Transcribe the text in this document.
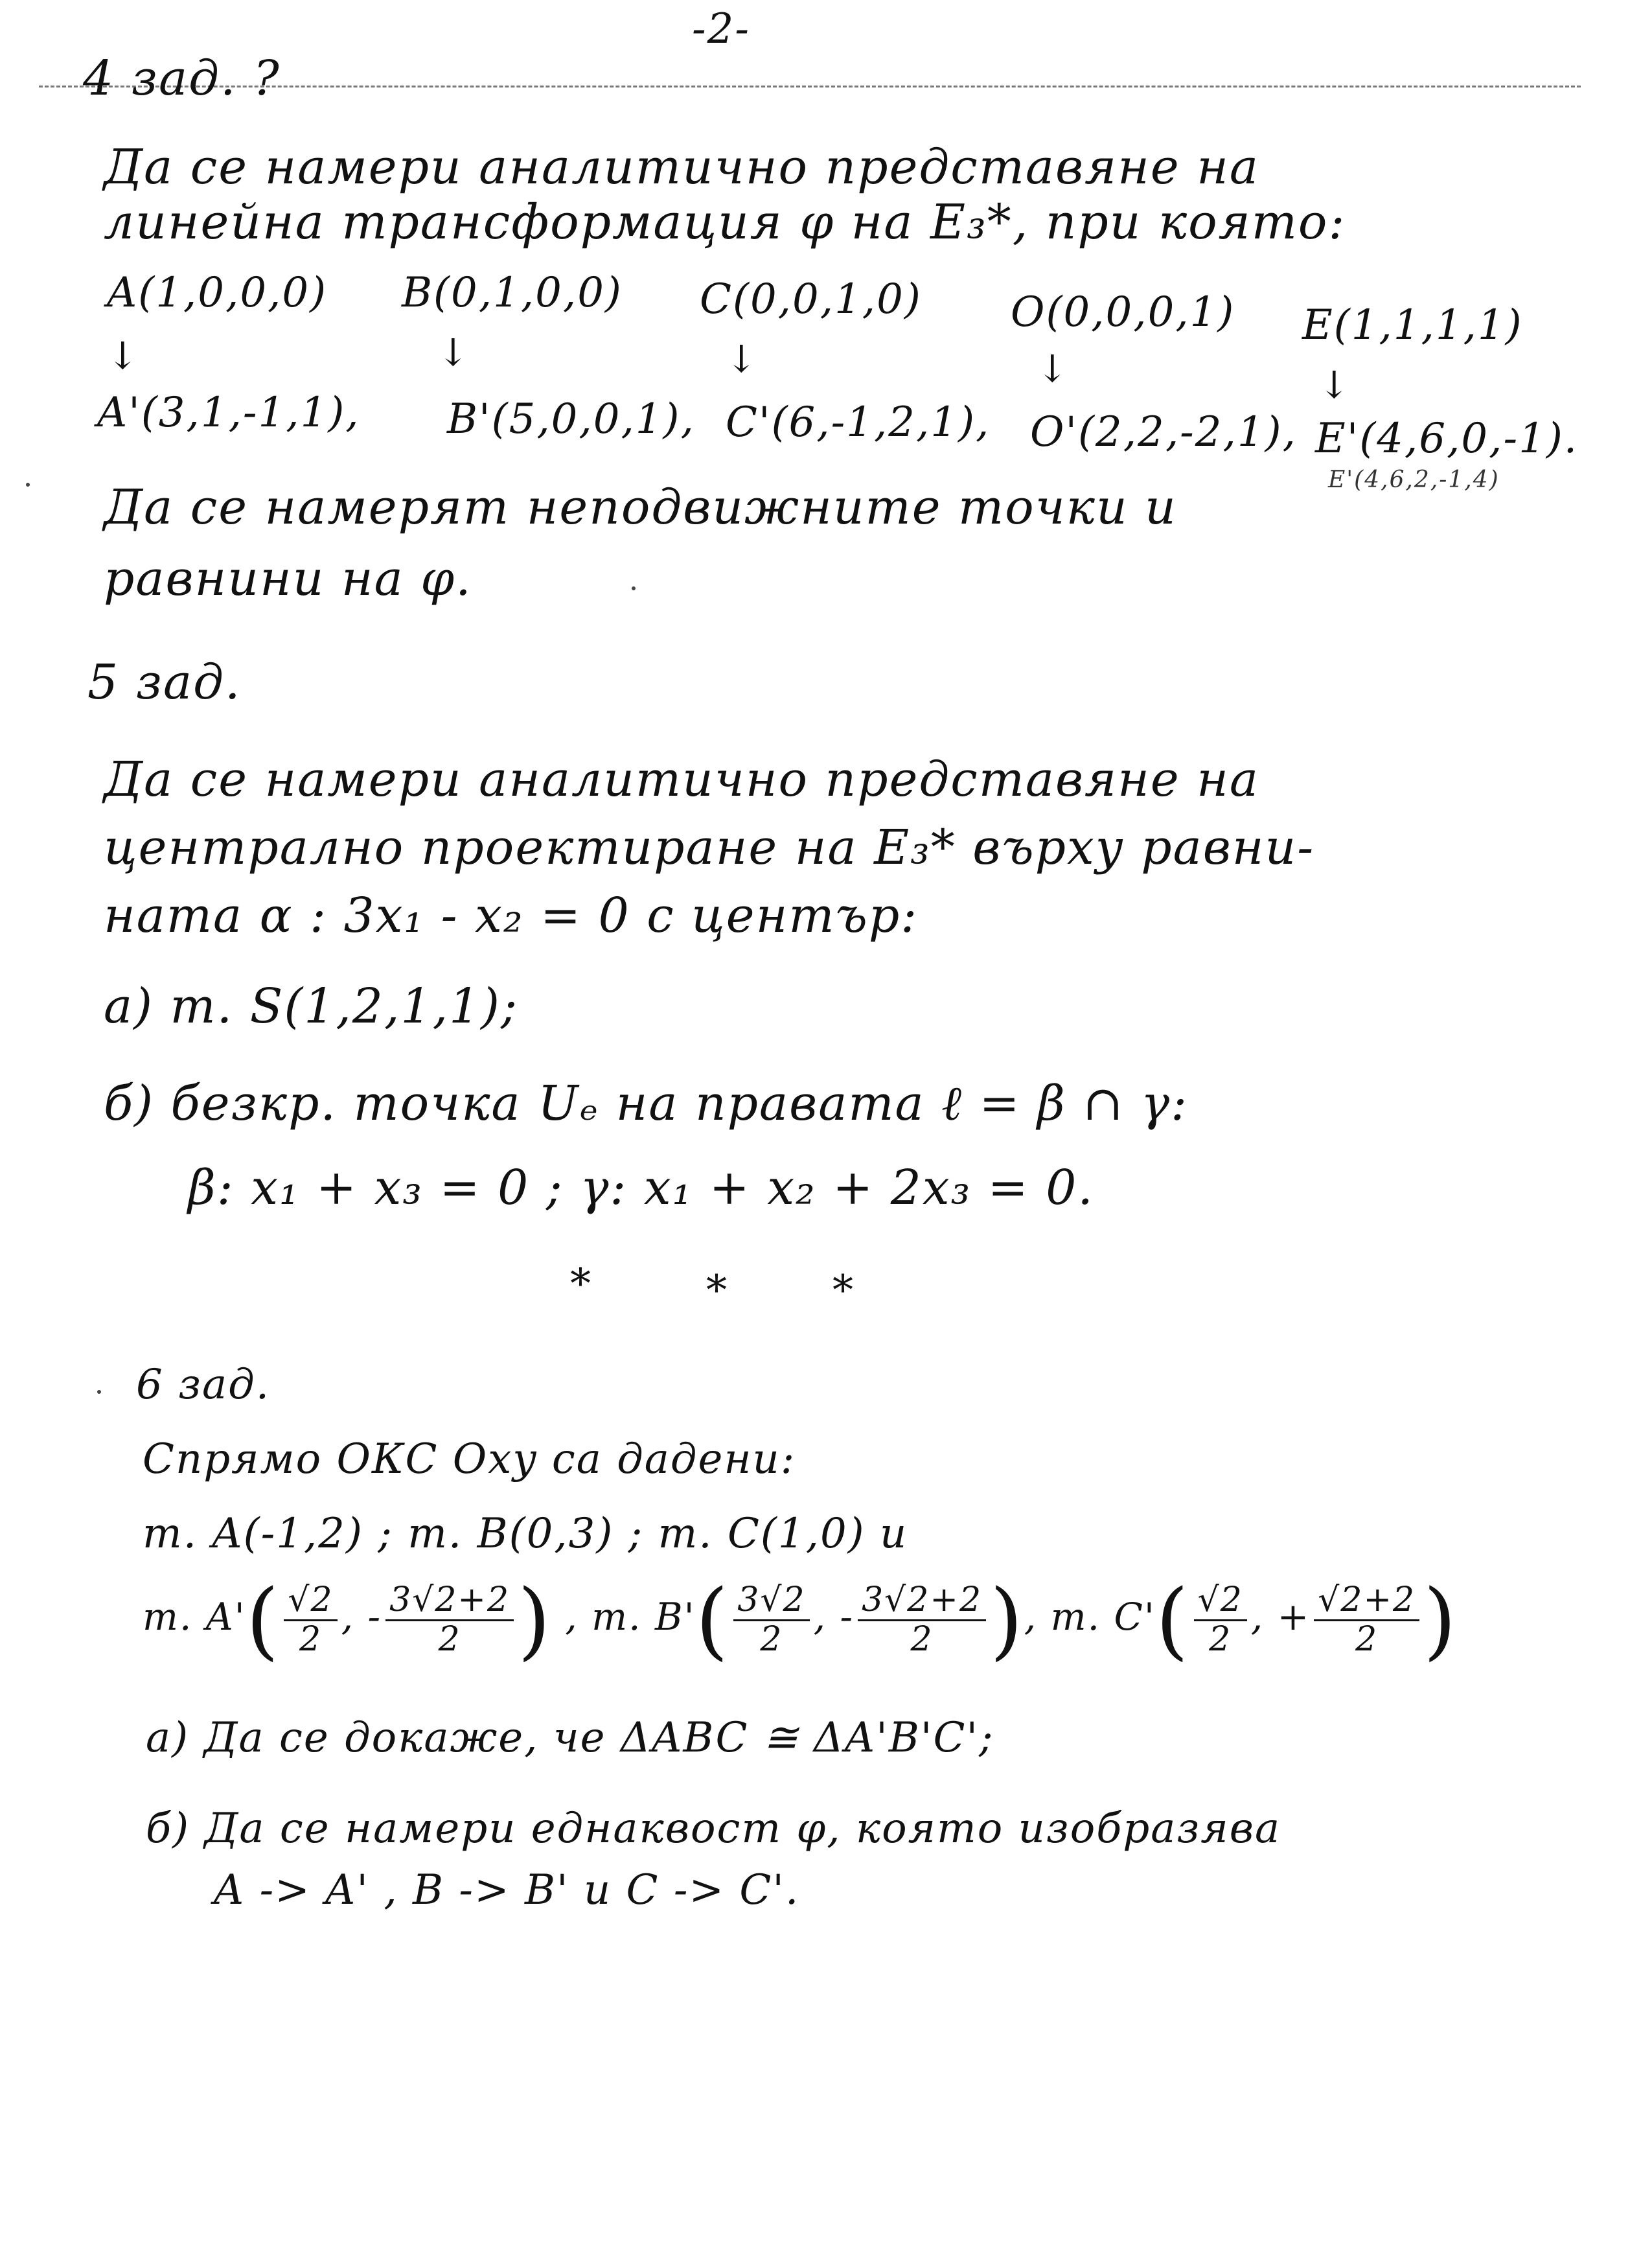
-2-
4 зад. ?
Да се намери аналитично представяне на
линейна трансформация φ на E₃*, при която:
A(1,0,0,0) B(0,1,0,0) C(0,0,1,0) O(0,0,0,1) E(1,1,1,1)
↓	↓	↓	↓	↓
A'(3,1,-1,1), B'(5,0,0,1), C'(6,-1,2,1), O'(2,2,-2,1), E'(4,6,0,-1).
E'(4,6,2,-1,4)
Да се намерят неподвижните точки и
равнини на φ.
5 зад.
Да се намери аналитично представяне на
централно проектиране на E₃* върху равни-
ната α : 3x₁ - x₂ = 0 с център:
а) т. S(1,2,1,1);
б) безкр. точка Uₑ на правата ℓ = β ∩ γ:
β: x₁ + x₃ = 0 ; γ: x₁ + x₂ + 2x₃ = 0.
*	*	*
6 зад.
Спрямо ОКС Oxy са дадени:
т. A(-1,2) ; т. B(0,3) ; т. C(1,0) и
т. $A'( \frac{√2}{2}$ , - $\frac{3√2+2}{2}$ ) , т. $B'( \frac{3√2}{2}$ , - $\frac{3√2+2}{2}$ ), т. $C'( \frac{√2}{2}$ , + $\frac{√2+2}{2}$ )
а) Да се докаже, че ΔABC ≅ ΔA'B'C';
б) Да се намери еднаквост φ, която изобразява
A -> A' , B -> B' и C -> C'.
